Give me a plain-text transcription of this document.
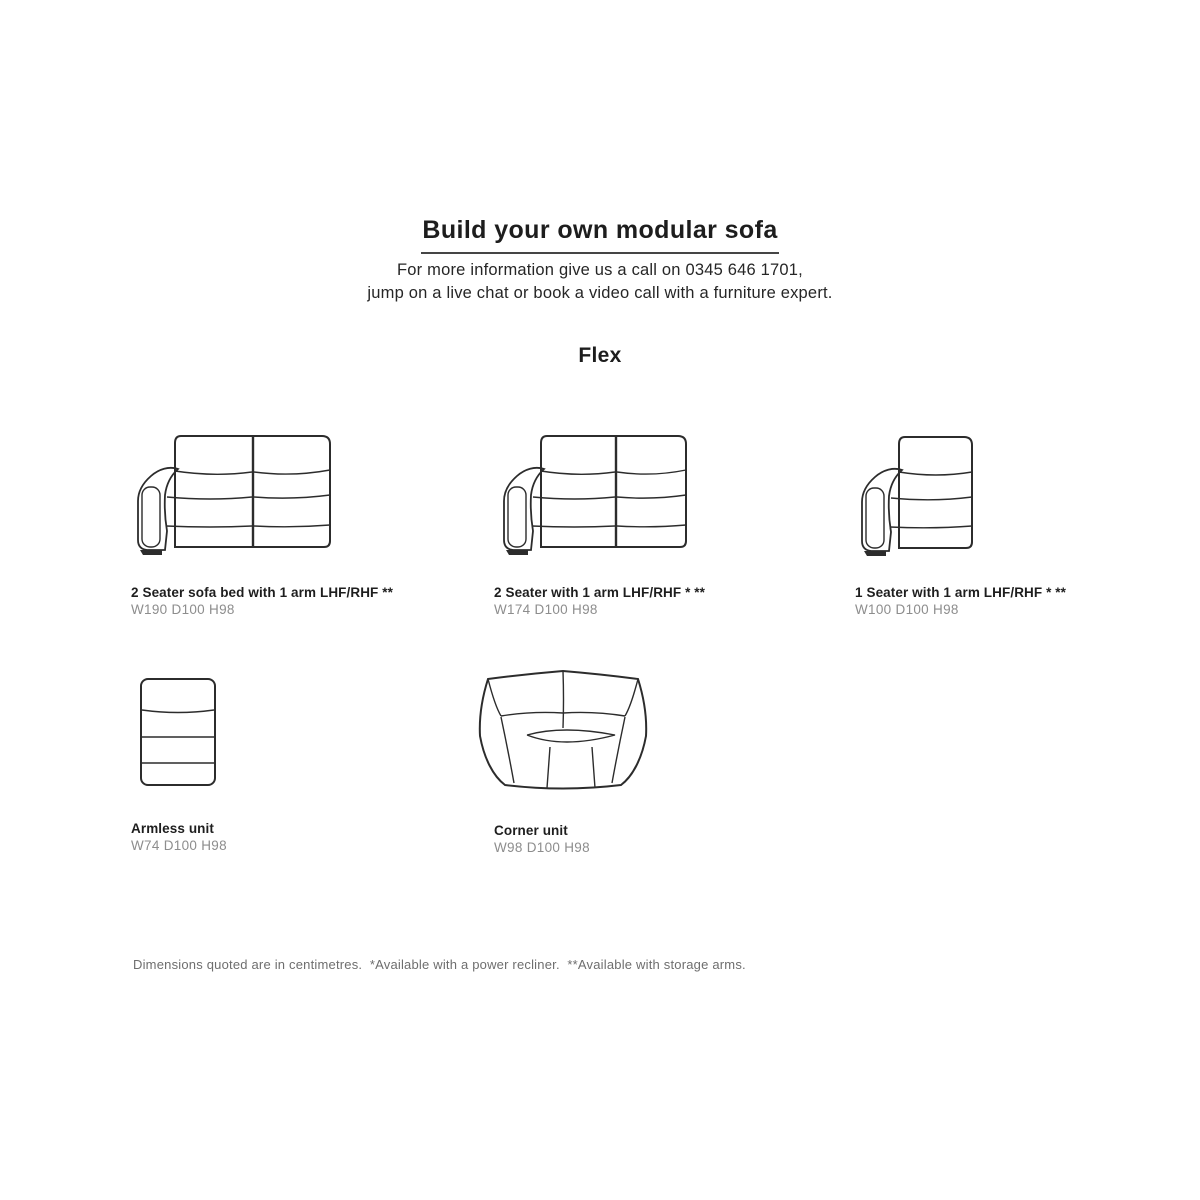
Build your own modular sofa

For more information give us a call on 0345 646 1701,

jump on a live chat or book a video call with a furniture expert.

Flex
2 Seater sofa bed with 1 arm LHF/RHF **
W190 D100 H98
2 Seater with 1 arm LHF/RHF * **
W174 D100 H98
1 Seater with 1 arm LHF/RHF * **
W100 D100 H98
Armless unit
W74 D100 H98
Corner unit
W98 D100 H98
Dimensions quoted are in centimetres.  *Available with a power recliner.  **Available with storage arms.
